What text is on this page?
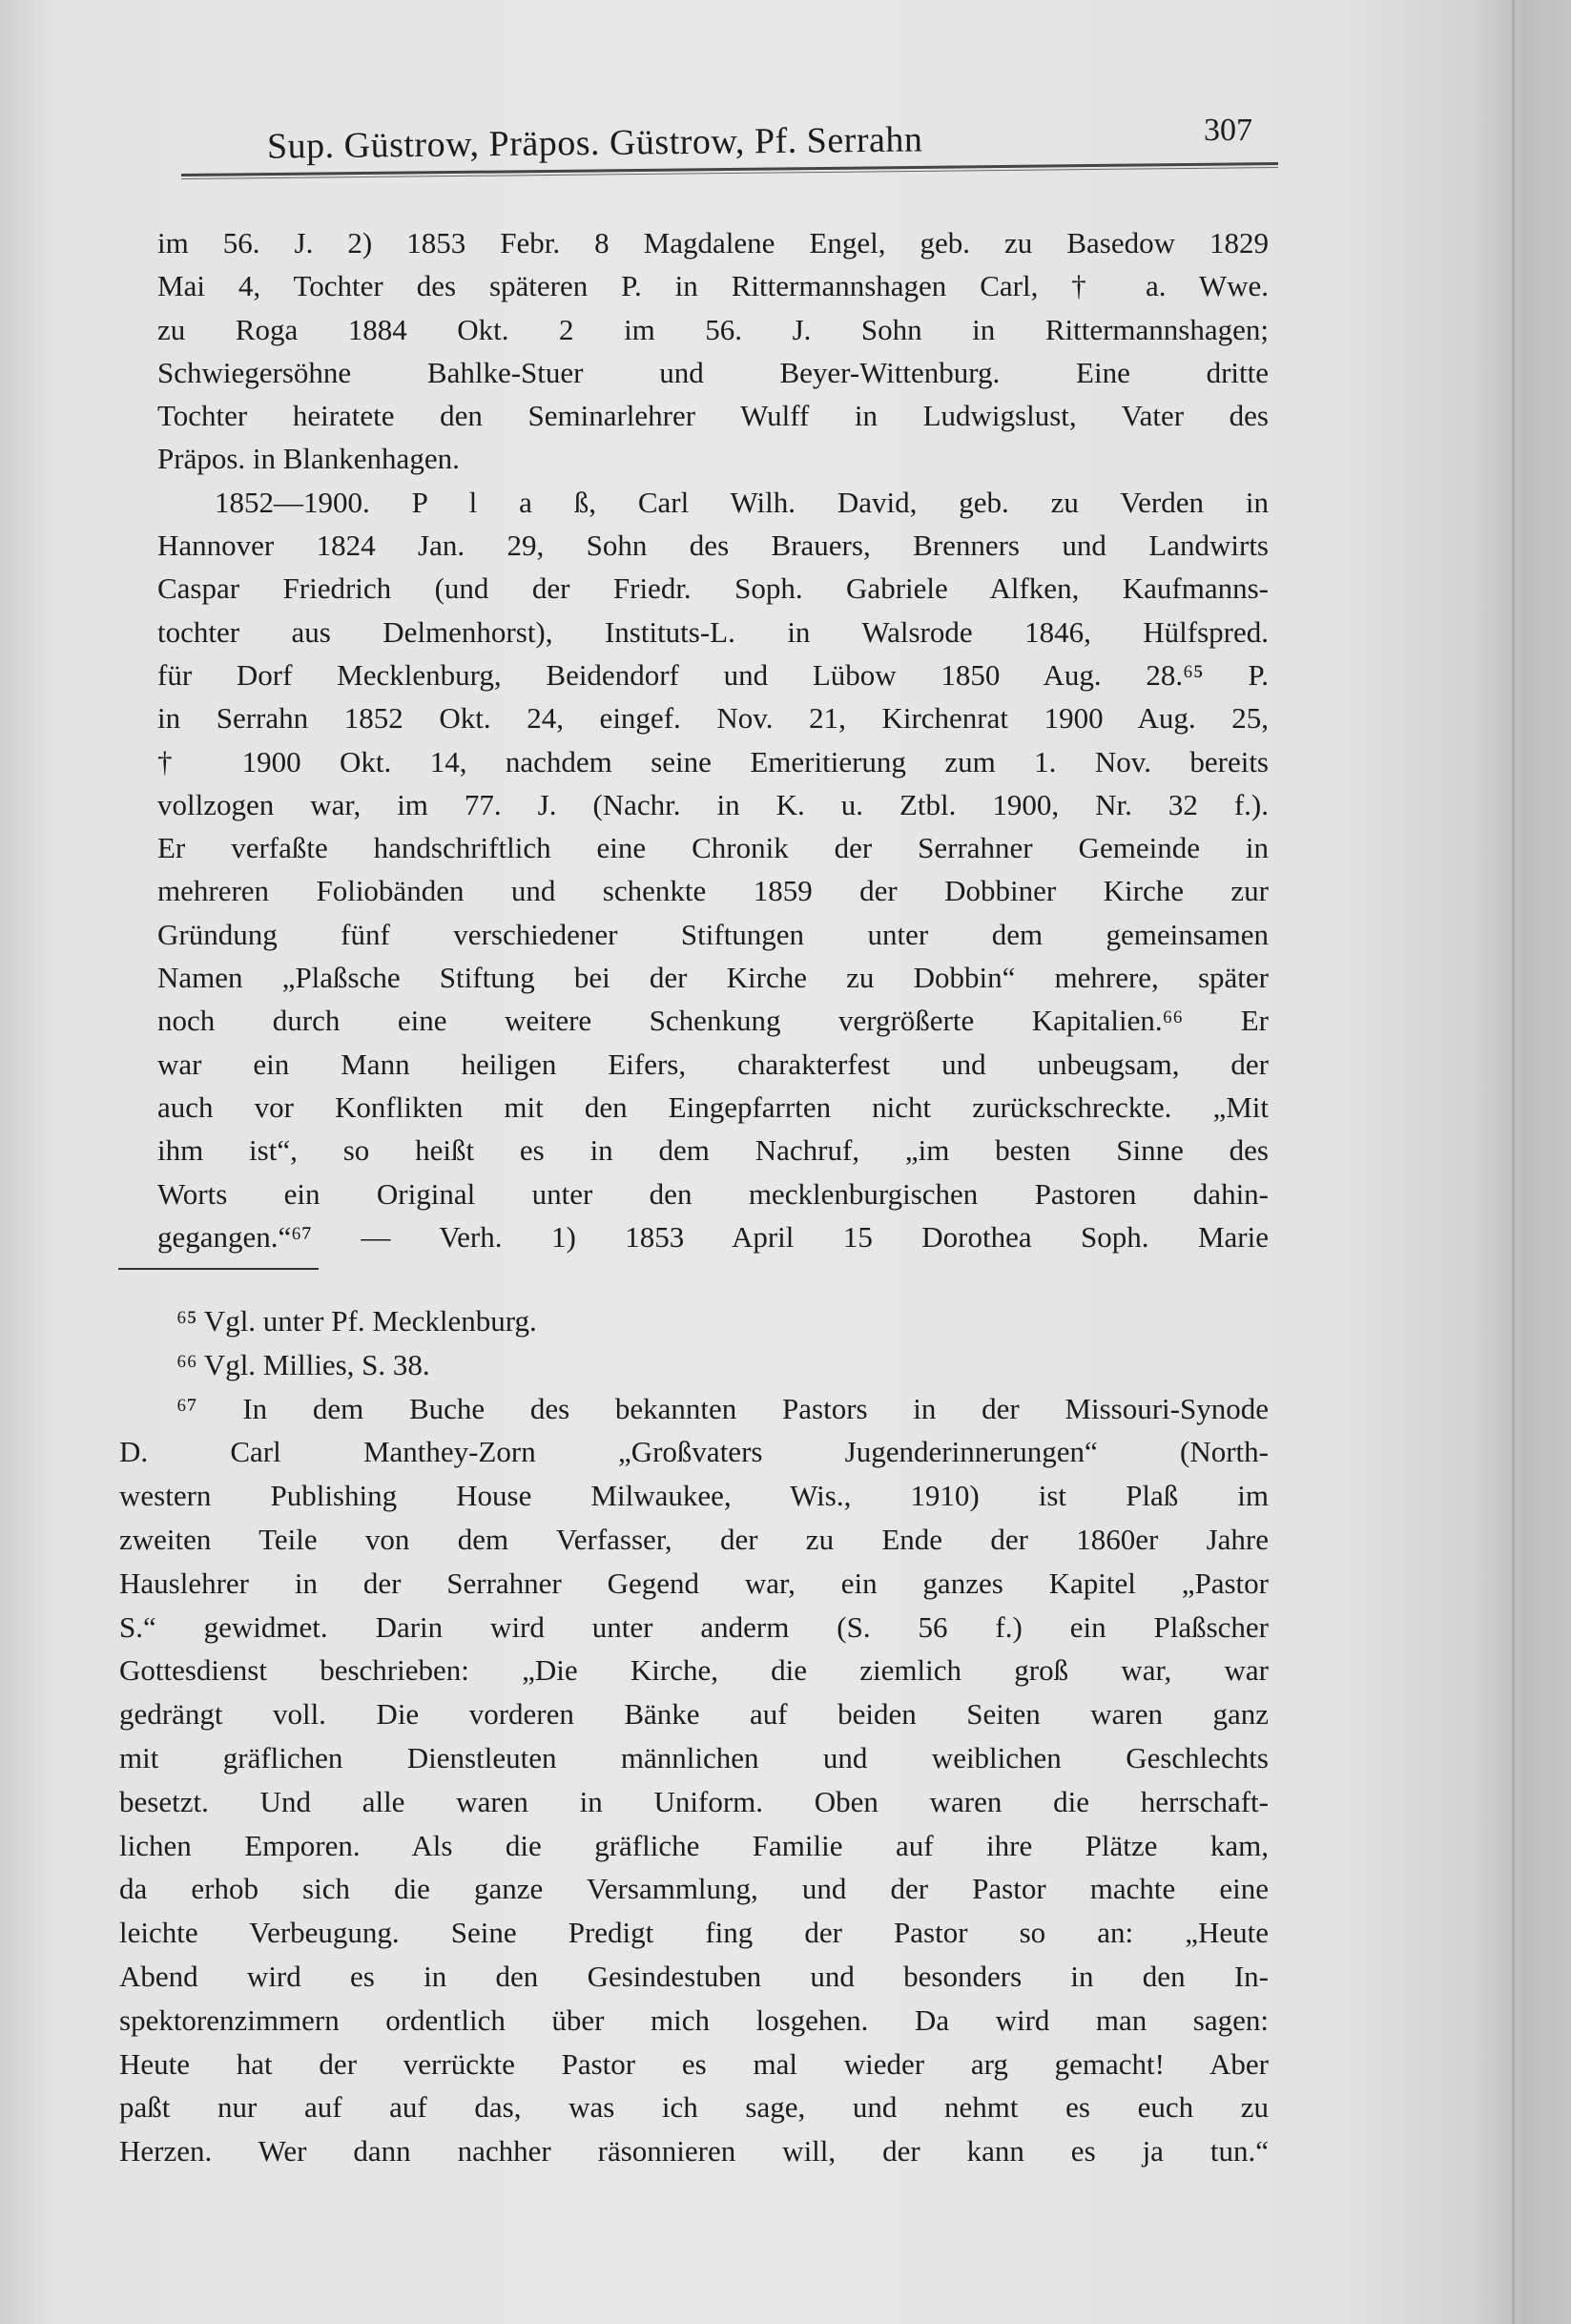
Sup. Güstrow, Präpos. Güstrow, Pf. Serrahn	307
im 56. J. 2) 1853 Febr. 8 Magdalene Engel, geb. zu Basedow 1829
Mai 4, Tochter des späteren P. in Rittermannshagen Carl, † a. Wwe.
zu Roga 1884 Okt. 2 im 56. J. Sohn in Rittermannshagen;
Schwiegersöhne Bahlke-Stuer und Beyer-Wittenburg. Eine dritte
Tochter heiratete den Seminarlehrer Wulff in Ludwigslust, Vater des
Präpos. in Blankenhagen.
1852—1900. P l a ß, Carl Wilh. David, geb. zu Verden in
Hannover 1824 Jan. 29, Sohn des Brauers, Brenners und Landwirts
Caspar Friedrich (und der Friedr. Soph. Gabriele Alfken, Kaufmanns-
tochter aus Delmenhorst), Instituts-L. in Walsrode 1846, Hülfspred.
für Dorf Mecklenburg, Beidendorf und Lübow 1850 Aug. 28.⁶⁵ P.
in Serrahn 1852 Okt. 24, eingef. Nov. 21, Kirchenrat 1900 Aug. 25,
† 1900 Okt. 14, nachdem seine Emeritierung zum 1. Nov. bereits
vollzogen war, im 77. J. (Nachr. in K. u. Ztbl. 1900, Nr. 32 f.).
Er verfaßte handschriftlich eine Chronik der Serrahner Gemeinde in
mehreren Foliobänden und schenkte 1859 der Dobbiner Kirche zur
Gründung fünf verschiedener Stiftungen unter dem gemeinsamen
Namen „Plaßsche Stiftung bei der Kirche zu Dobbin“ mehrere, später
noch durch eine weitere Schenkung vergrößerte Kapitalien.⁶⁶ Er
war ein Mann heiligen Eifers, charakterfest und unbeugsam, der
auch vor Konflikten mit den Eingepfarrten nicht zurückschreckte. „Mit
ihm ist“, so heißt es in dem Nachruf, „im besten Sinne des
Worts ein Original unter den mecklenburgischen Pastoren dahin-
gegangen.“⁶⁷ — Verh. 1) 1853 April 15 Dorothea Soph. Marie
⁶⁵ Vgl. unter Pf. Mecklenburg.
⁶⁶ Vgl. Millies, S. 38.
⁶⁷ In dem Buche des bekannten Pastors in der Missouri-Synode
D. Carl Manthey-Zorn „Großvaters Jugenderinnerungen“ (North-
western Publishing House Milwaukee, Wis., 1910) ist Plaß im
zweiten Teile von dem Verfasser, der zu Ende der 1860er Jahre
Hauslehrer in der Serrahner Gegend war, ein ganzes Kapitel „Pastor
S.“ gewidmet. Darin wird unter anderm (S. 56 f.) ein Plaßscher
Gottesdienst beschrieben: „Die Kirche, die ziemlich groß war, war
gedrängt voll. Die vorderen Bänke auf beiden Seiten waren ganz
mit gräflichen Dienstleuten männlichen und weiblichen Geschlechts
besetzt. Und alle waren in Uniform. Oben waren die herrschaft-
lichen Emporen. Als die gräfliche Familie auf ihre Plätze kam,
da erhob sich die ganze Versammlung, und der Pastor machte eine
leichte Verbeugung. Seine Predigt fing der Pastor so an: „Heute
Abend wird es in den Gesindestuben und besonders in den In-
spektorenzimmern ordentlich über mich losgehen. Da wird man sagen:
Heute hat der verrückte Pastor es mal wieder arg gemacht! Aber
paßt nur auf auf das, was ich sage, und nehmt es euch zu
Herzen. Wer dann nachher räsonnieren will, der kann es ja tun.“
